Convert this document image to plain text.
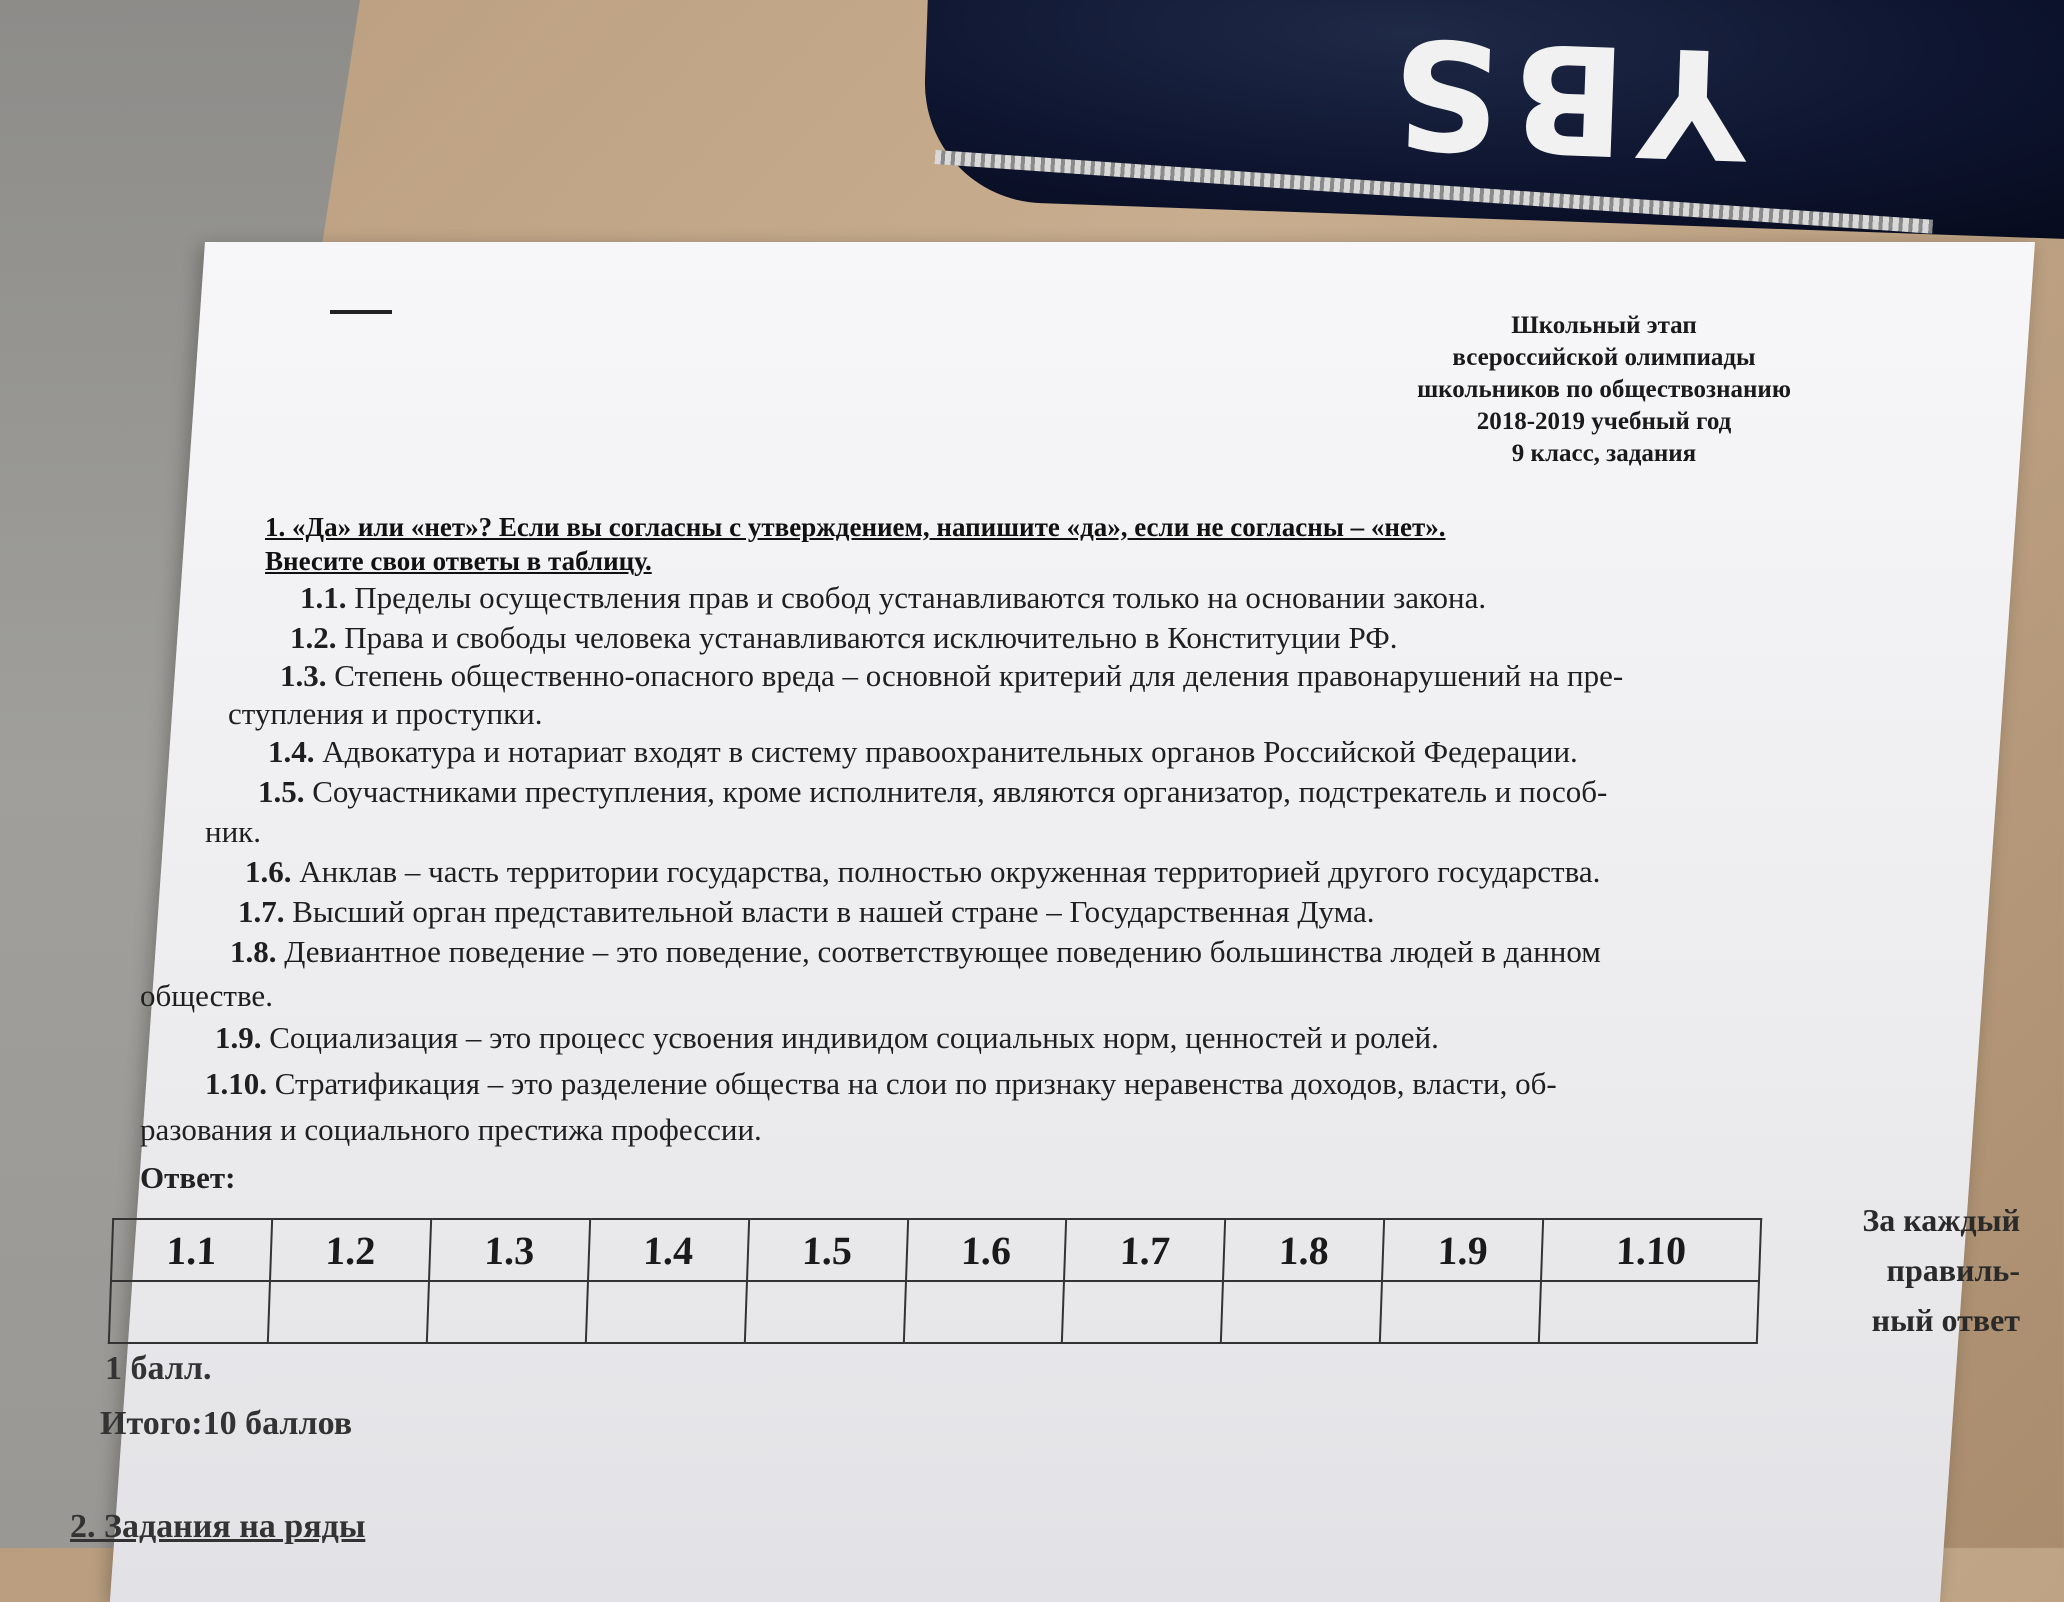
YBS
Школьный этап
всероссийской олимпиады
школьников по обществознанию
2018-2019 учебный год
9 класс, задания
1. «Да» или «нет»? Если вы согласны с утверждением, напишите «да», если не согласны – «нет».
Внесите свои ответы в таблицу.
1.1. Пределы осуществления прав и свобод устанавливаются только на основании закона.
1.2. Права и свободы человека устанавливаются исключительно в Конституции РФ.
1.3. Степень общественно-опасного вреда – основной критерий для деления правонарушений на пре-
ступления и проступки.
1.4. Адвокатура и нотариат входят в систему правоохранительных органов Российской Федерации.
1.5. Соучастниками преступления, кроме исполнителя, являются организатор, подстрекатель и пособ-
ник.
1.6. Анклав – часть территории государства, полностью окруженная территорией другого государства.
1.7. Высший орган представительной власти в нашей стране – Государственная Дума.
1.8. Девиантное поведение – это поведение, соответствующее поведению большинства людей в данном
обществе.
1.9. Социализация – это процесс усвоения индивидом социальных норм, ценностей и ролей.
1.10. Стратификация – это разделение общества на слои по признаку неравенства доходов, власти, об-
разования и социального престижа профессии.
Ответ:
1.1	1.2	1.3	1.4	1.5	1.6	1.7	1.8	1.9	1.10

За каждый
правиль-
ный ответ
1 балл.
Итого:10 баллов
2. Задания на ряды
